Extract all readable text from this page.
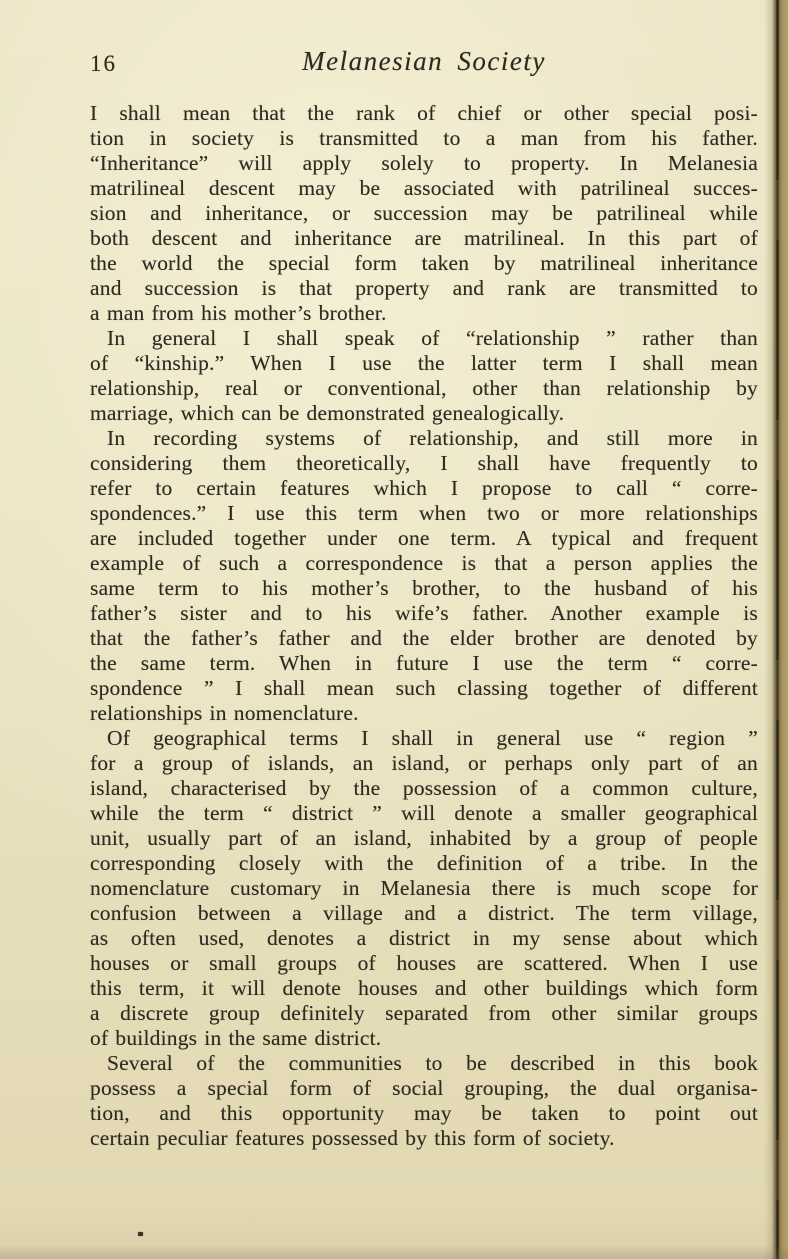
16	Melanesian Society
I shall mean that the rank of chief or other special posi-
tion in society is transmitted to a man from his father.
“Inheritance” will apply solely to property. In Melanesia
matrilineal descent may be associated with patrilineal succes-
sion and inheritance, or succession may be patrilineal while
both descent and inheritance are matrilineal. In this part of
the world the special form taken by matrilineal inheritance
and succession is that property and rank are transmitted to
a man from his mother’s brother.
In general I shall speak of “relationship ” rather than
of “kinship.” When I use the latter term I shall mean
relationship, real or conventional, other than relationship by
marriage, which can be demonstrated genealogically.
In recording systems of relationship, and still more in
considering them theoretically, I shall have frequently to
refer to certain features which I propose to call “ corre-
spondences.” I use this term when two or more relationships
are included together under one term. A typical and frequent
example of such a correspondence is that a person applies the
same term to his mother’s brother, to the husband of his
father’s sister and to his wife’s father. Another example is
that the father’s father and the elder brother are denoted by
the same term. When in future I use the term “ corre-
spondence ” I shall mean such classing together of different
relationships in nomenclature.
Of geographical terms I shall in general use “ region ”
for a group of islands, an island, or perhaps only part of an
island, characterised by the possession of a common culture,
while the term “ district ” will denote a smaller geographical
unit, usually part of an island, inhabited by a group of people
corresponding closely with the definition of a tribe. In the
nomenclature customary in Melanesia there is much scope for
confusion between a village and a district. The term village,
as often used, denotes a district in my sense about which
houses or small groups of houses are scattered. When I use
this term, it will denote houses and other buildings which form
a discrete group definitely separated from other similar groups
of buildings in the same district.
Several of the communities to be described in this book
possess a special form of social grouping, the dual organisa-
tion, and this opportunity may be taken to point out
certain peculiar features possessed by this form of society.
